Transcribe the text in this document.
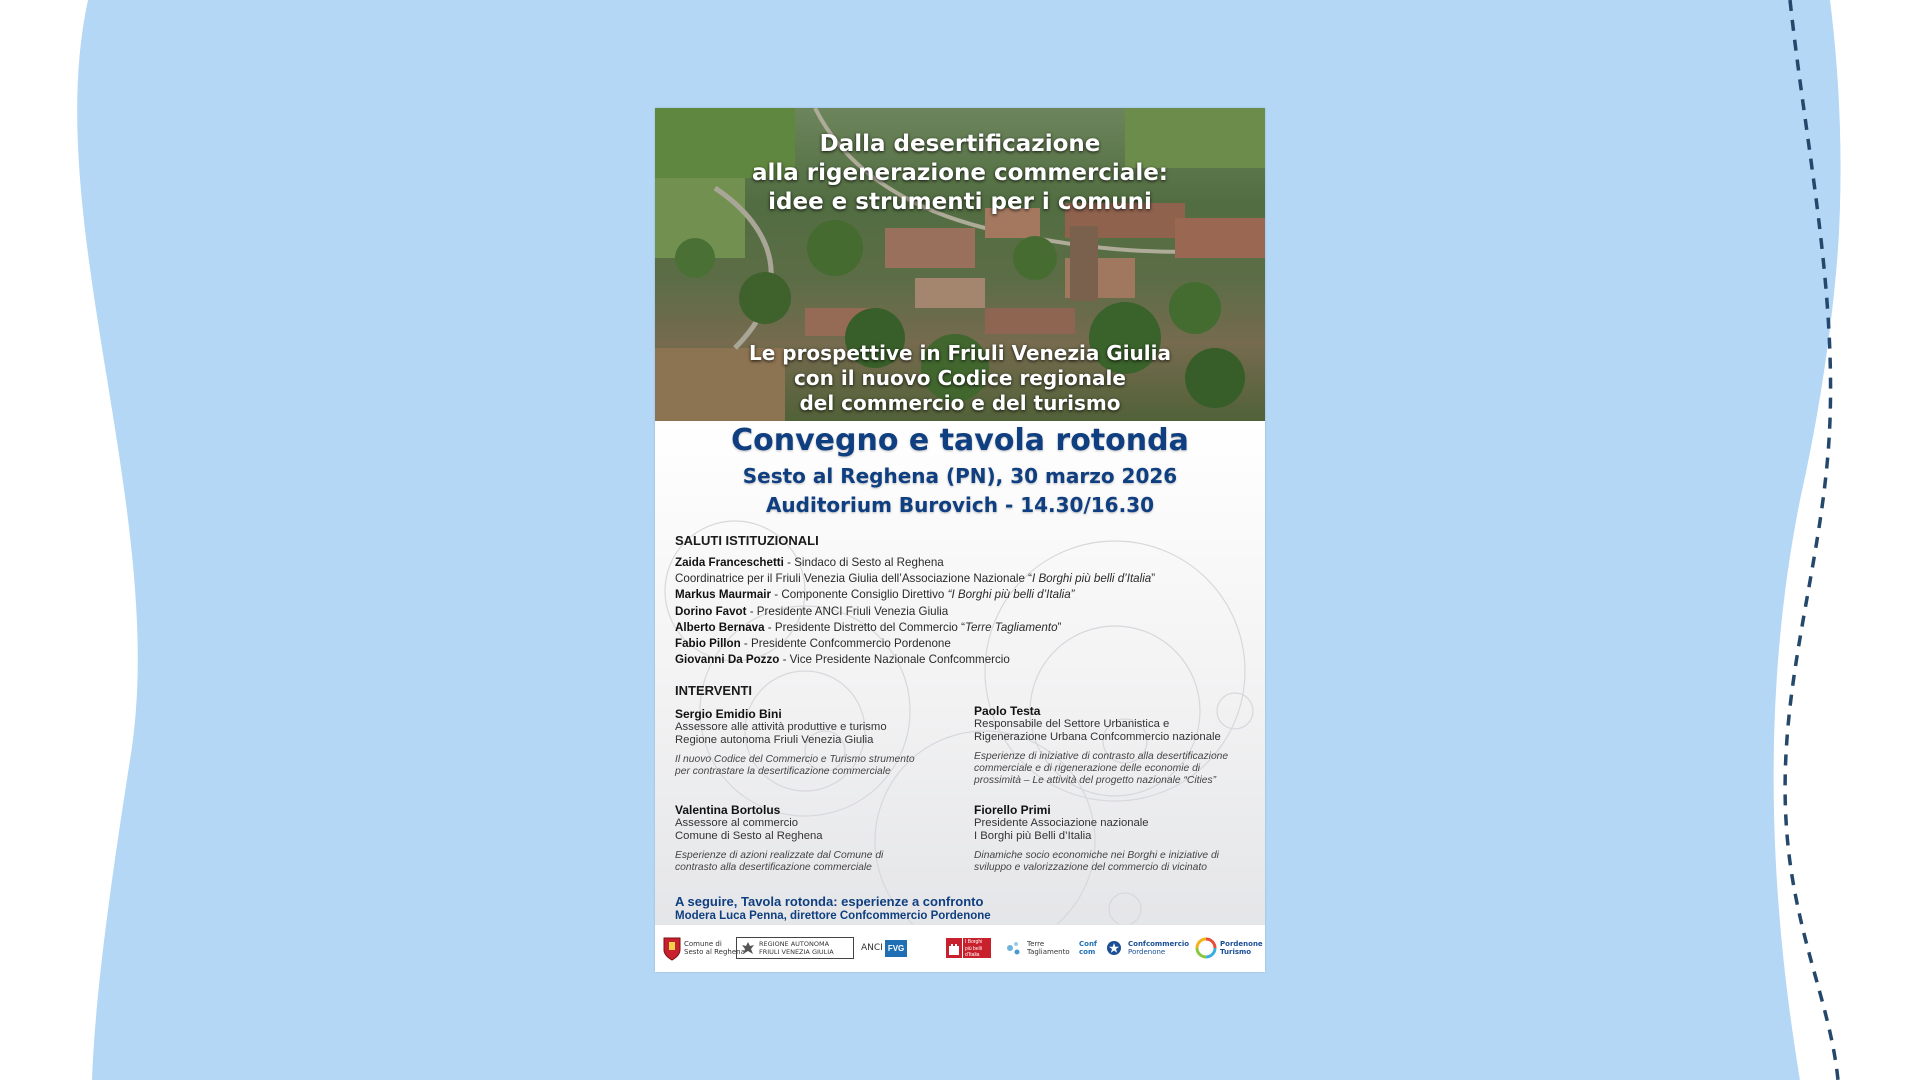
Dalla desertificazione
alla rigenerazione commerciale:
idee e strumenti per i comuni
Le prospettive in Friuli Venezia Giulia
con il nuovo Codice regionale
del commercio e del turismo
Convegno e tavola rotonda
Sesto al Reghena (PN), 30 marzo 2026
Auditorium Burovich - 14.30/16.30
SALUTI ISTITUZIONALI
Zaida Franceschetti - Sindaco di Sesto al Reghena
Coordinatrice per il Friuli Venezia Giulia dell’Associazione Nazionale “I Borghi più belli d’Italia”
Markus Maurmair - Componente Consiglio Direttivo “I Borghi più belli d’Italia”
Dorino Favot - Presidente ANCI Friuli Venezia Giulia
Alberto Bernava - Presidente Distretto del Commercio “Terre Tagliamento”
Fabio Pillon - Presidente Confcommercio Pordenone
Giovanni Da Pozzo - Vice Presidente Nazionale Confcommercio
INTERVENTI
Sergio Emidio Bini
Assessore alle attività produttive e turismo
Regione autonoma Friuli Venezia Giulia
Il nuovo Codice del Commercio e Turismo strumento
per contrastare la desertificazione commerciale
Paolo Testa
Responsabile del Settore Urbanistica e
Rigenerazione Urbana Confcommercio nazionale
Esperienze di iniziative di contrasto alla desertificazione
commerciale e di rigenerazione delle economie di
prossimità – Le attività del progetto nazionale “Cities”
Valentina Bortolus
Assessore al commercio
Comune di Sesto al Reghena
Esperienze di azioni realizzate dal Comune di
contrasto alla desertificazione commerciale
Fiorello Primi
Presidente Associazione nazionale
I Borghi più Belli d’Italia
Dinamiche socio economiche nei Borghi e iniziative di
sviluppo e valorizzazione del commercio di vicinato
A seguire, Tavola rotonda: esperienze a confronto
Modera Luca Penna, direttore Confcommercio Pordenone
Comune di
Sesto al Reghena
REGIONE AUTONOMA
FRIULI VENEZIA GIULIA	ANCI FVG
I Borghi
più belli
d’Italia
Terre
Tagliamento
Conf
com
Confcommercio
Pordenone
Pordenone
Turismo
